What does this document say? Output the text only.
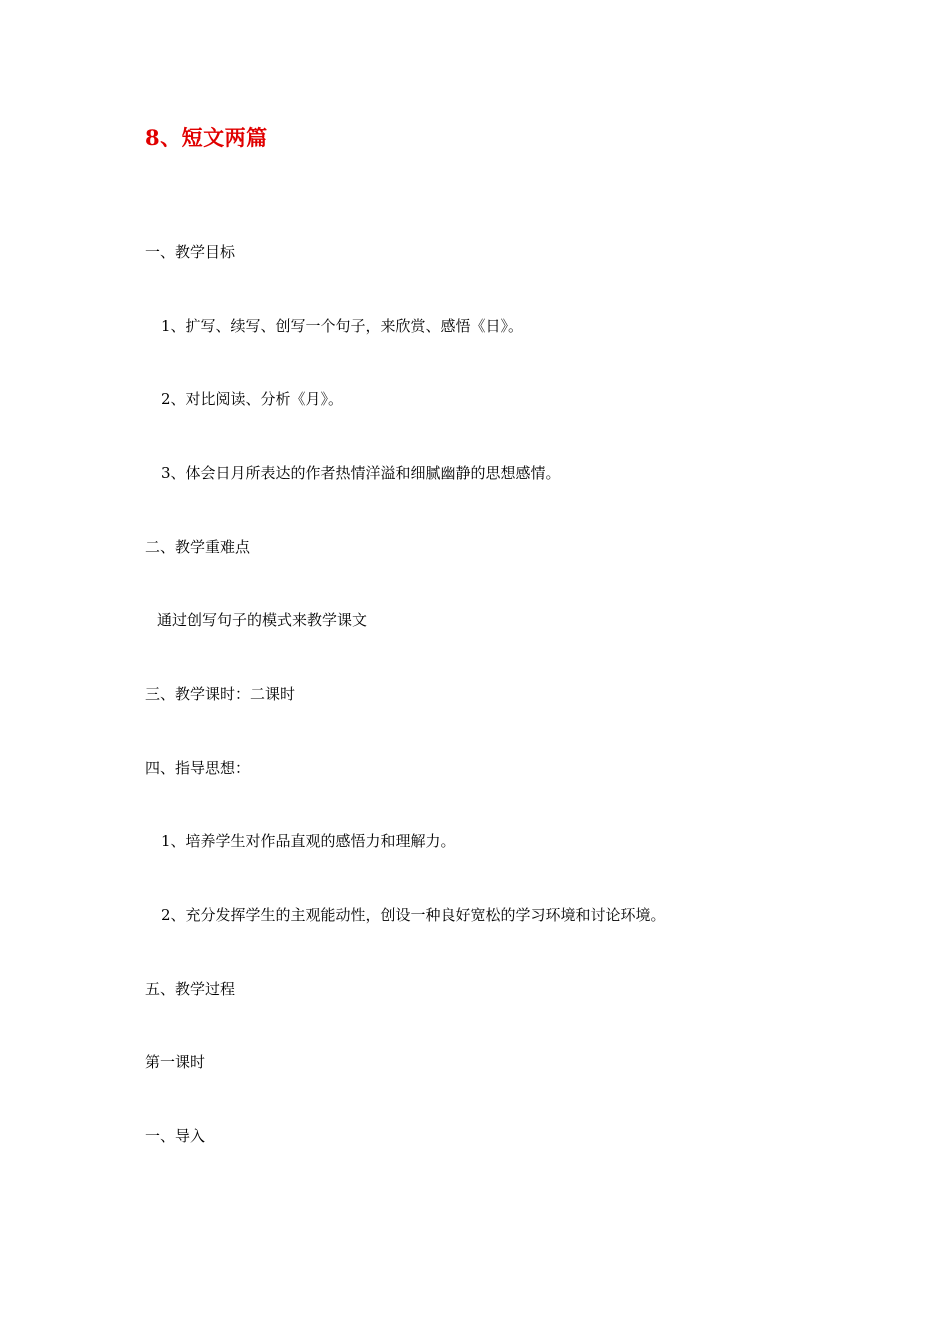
8、短文两篇
一、教学目标
1、扩写、续写、创写一个句子，来欣赏、感悟《日》。
2、对比阅读、分析《月》。
3、体会日月所表达的作者热情洋溢和细腻幽静的思想感情。
二、教学重难点
通过创写句子的模式来教学课文
三、教学课时：二课时
四、指导思想：
1、培养学生对作品直观的感悟力和理解力。
2、充分发挥学生的主观能动性，创设一种良好宽松的学习环境和讨论环境。
五、教学过程
第一课时
一、导入
